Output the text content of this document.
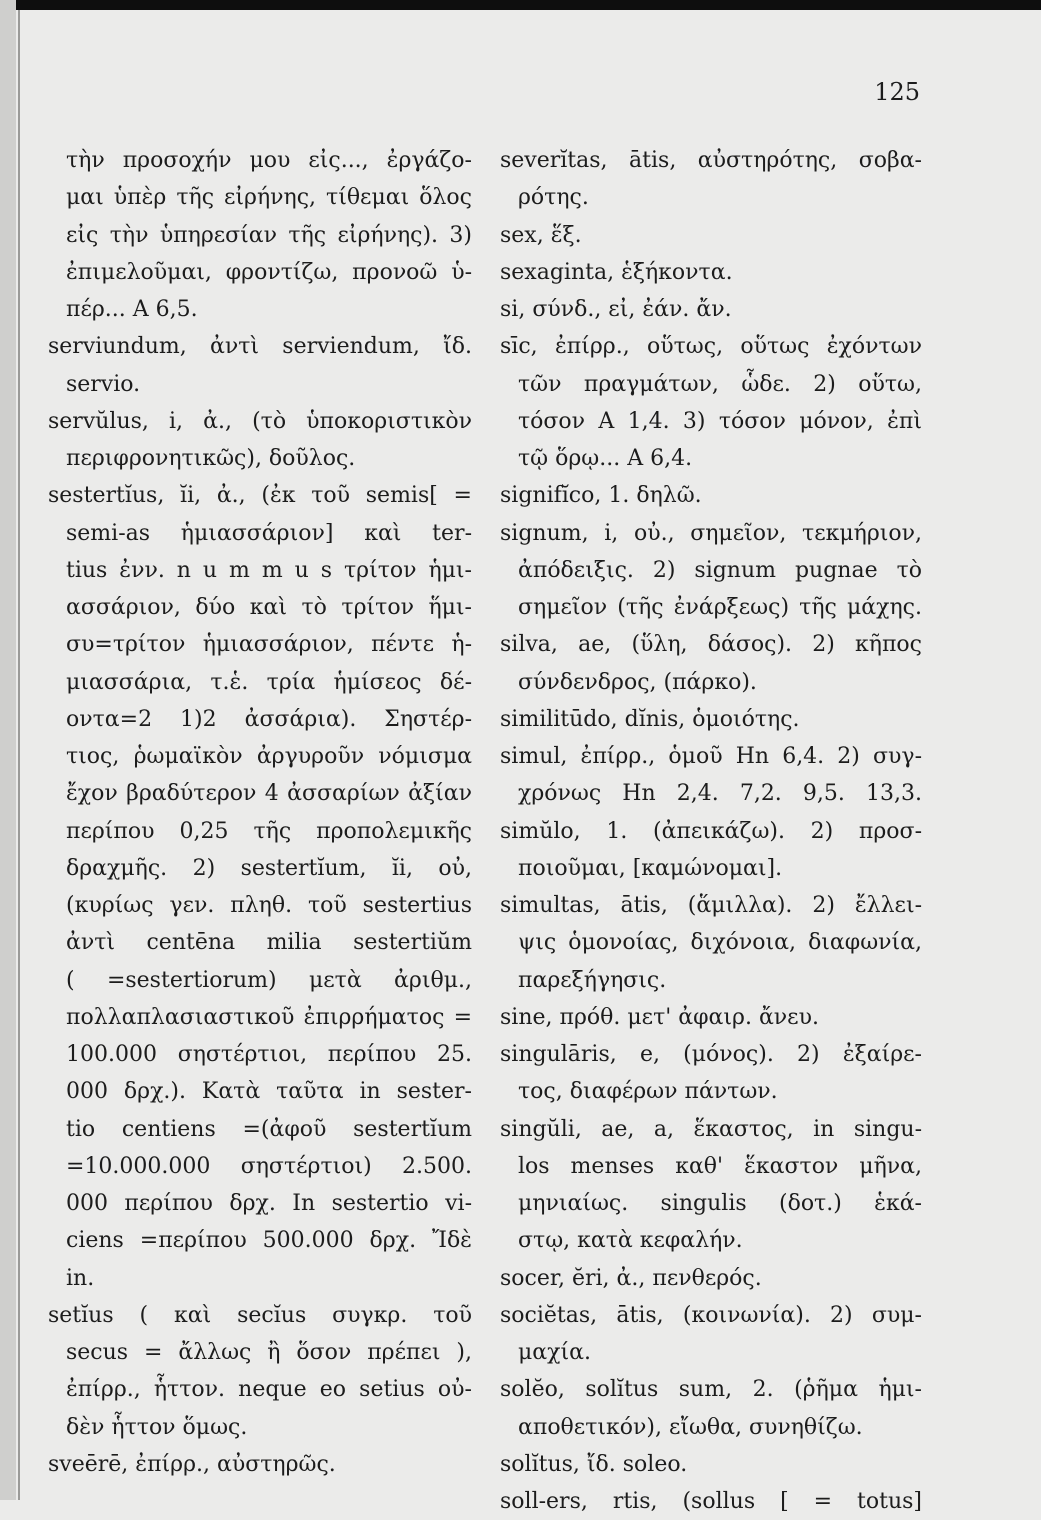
125
τὴν προσοχήν μου εἰς..., ἐργάζο-
μαι ὑπὲρ τῆς εἰρήνης, τίθεμαι ὅλος
εἰς τὴν ὑπηρεσίαν τῆς εἰρήνης). 3)
ἐπιμελοῦμαι, φροντίζω, προνοῶ ὑ-
πέρ... Α 6,5.
serviundum, ἀντὶ serviendum, ἴδ.
servio.
servŭlus, i, ἀ., (τὸ ὑποκοριστικὸν
περιφρονητικῶς), δοῦλος.
sestertĭus, ĭi, ἀ., (ἐκ τοῦ semis[ =
semi-as ἡμιασσάριον] καὶ ter-
tius ἐνν. n u m m u s τρίτον ἡμι-
ασσάριον, δύο καὶ τὸ τρίτον ἥμι-
συ=τρίτον ἡμιασσάριον, πέντε ἡ-
μιασσάρια, τ.ἑ. τρία ἡμίσεος δέ-
οντα=2 1)2 ἀσσάρια). Σηστέρ-
τιος, ῥωμαϊκὸν ἀργυροῦν νόμισμα
ἔχον βραδύτερον 4 ἀσσαρίων ἀξίαν
περίπου 0,25 τῆς προπολεμικῆς
δραχμῆς. 2) sestertĭum, ĭi, οὐ,
(κυρίως γεν. πληθ. τοῦ sestertius
ἀντὶ centēna milia sestertiŭm
( =sestertiorum) μετὰ ἀριθμ.,
πολλαπλασιαστικοῦ ἐπιρρήματος =
100.000 σηστέρτιοι, περίπου 25.
000 δρχ.). Κατὰ ταῦτα in sester-
tio centiens =(ἀφοῦ sestertĭum
=10.000.000 σηστέρτιοι) 2.500.
000 περίπου δρχ. In sestertio vi-
ciens =περίπου 500.000 δρχ. Ἴδὲ
in.
setĭus ( καὶ secĭus συγκρ. τοῦ
secus = ἄλλως ἢ ὅσον πρέπει ),
ἐπίρρ., ἧττον. neque eo setius οὐ-
δὲν ἧττον ὅμως.
sveērē, ἐπίρρ., αὐστηρῶς.
severĭtas, ātis, αὐστηρότης, σοβα-
ρότης.
sex, ἕξ.
sexaginta, ἑξήκοντα.
si, σύνδ., εἰ, ἐάν. ἄν.
sīc, ἐπίρρ., οὕτως, οὕτως ἐχόντων
τῶν πραγμάτων, ὧδε. 2) οὕτω,
τόσον Α 1,4. 3) τόσον μόνον, ἐπὶ
τῷ ὅρῳ... Α 6,4.
signifĭco, 1. δηλῶ.
signum, i, οὐ., σημεῖον, τεκμήριον,
ἀπόδειξις. 2) signum pugnae τὸ
σημεῖον (τῆς ἐνάρξεως) τῆς μάχης.
silva, ae, (ὕλη, δάσος). 2) κῆπος
σύνδενδρος, (πάρκο).
similitūdo, dĭnis, ὁμοιότης.
simul, ἐπίρρ., ὁμοῦ Ηn 6,4. 2) συγ-
χρόνως Ηn 2,4. 7,2. 9,5. 13,3.
simŭlo, 1. (ἀπεικάζω). 2) προσ-
ποιοῦμαι, [καμώνομαι].
simultas, ātis, (ἅμιλλα). 2) ἔλλει-
ψις ὁμονοίας, διχόνοια, διαφωνία,
παρεξήγησις.
sine, πρόθ. μετ' ἀφαιρ. ἄνευ.
singulāris, e, (μόνος). 2) ἐξαίρε-
τος, διαφέρων πάντων.
singŭli, ae, a, ἕκαστος, in singu-
los menses καθ' ἕκαστον μῆνα,
μηνιαίως. singulis (δοτ.) ἑκά-
στῳ, κατὰ κεφαλήν.
socer, ĕri, ἀ., πενθερός.
sociĕtas, ātis, (κοινωνία). 2) συμ-
μαχία.
solĕo, solĭtus sum, 2. (ῥῆμα ἡμι-
αποθετικόν), εἴωθα, συνηθίζω.
solĭtus, ἴδ. soleo.
soll-ers, rtis, (sollus [ = totus]
